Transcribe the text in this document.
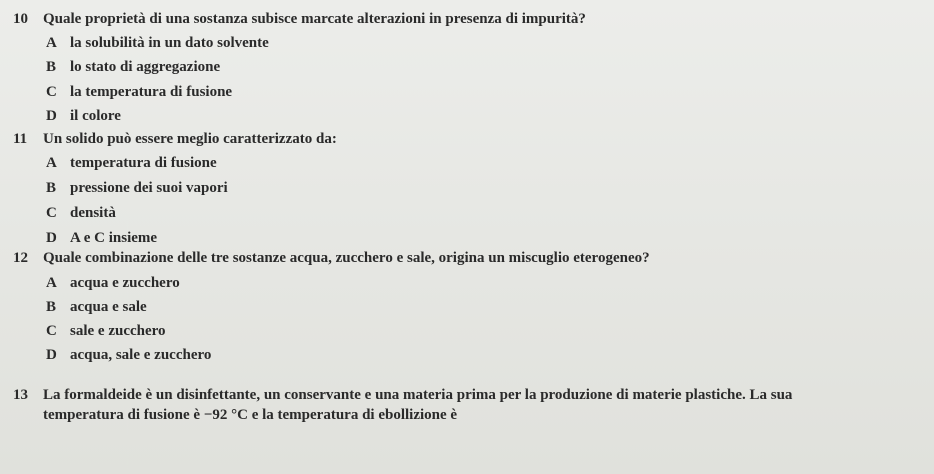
10 Quale proprietà di una sostanza subisce marcate alterazioni in presenza di impurità?
A la solubilità in un dato solvente
B lo stato di aggregazione
C la temperatura di fusione
D il colore
11 Un solido può essere meglio caratterizzato da:
A temperatura di fusione
B pressione dei suoi vapori
C densità
D A e C insieme
12 Quale combinazione delle tre sostanze acqua, zucchero e sale, origina un miscuglio eterogeneo?
A acqua e zucchero
B acqua e sale
C sale e zucchero
D acqua, sale e zucchero
13 La formaldeide è un disinfettante, un conservante e una materia prima per la produzione di materie plastiche. La sua
temperatura di fusione è −92 °C e la temperatura di ebollizione è
